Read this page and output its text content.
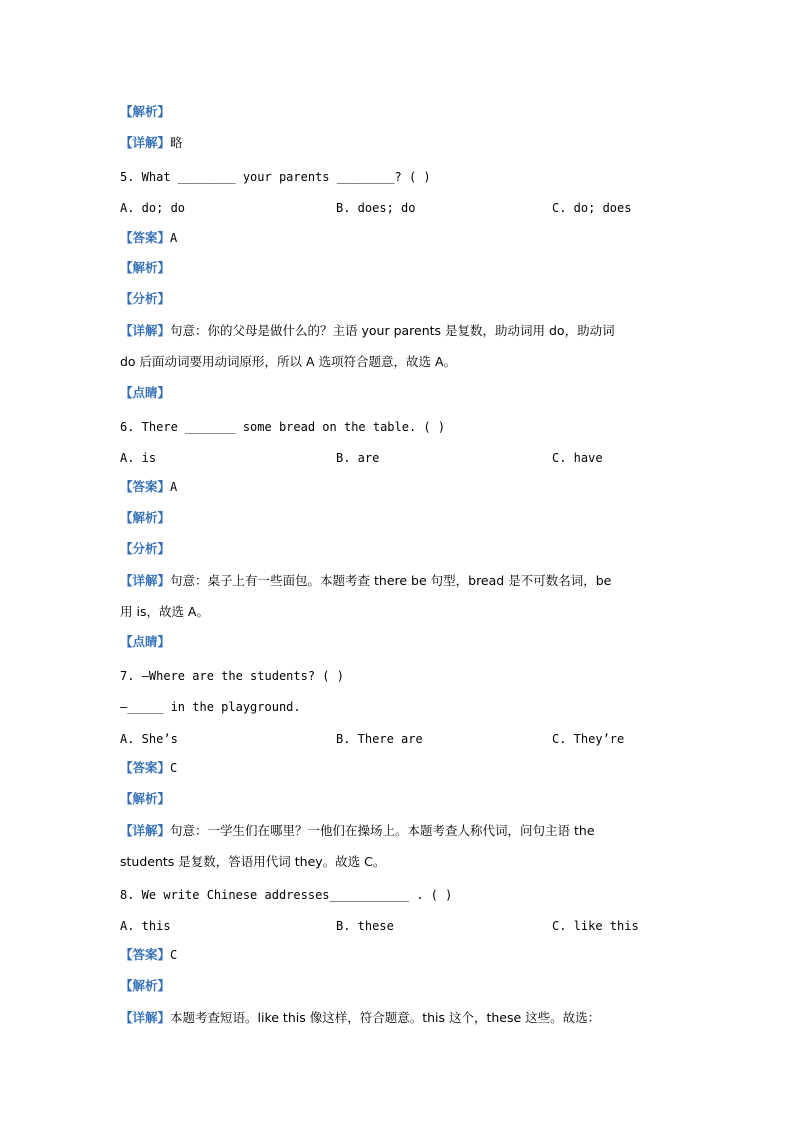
【解析】
【详解】略
5. What ________ your parents ________? ( )
A. do; do	B. does; do	C. do; does
【答案】A
【解析】
【分析】
【详解】句意：你的父母是做什么的？主语 your parents 是复数，助动词用 do，助动词
do 后面动词要用动词原形，所以 A 选项符合题意，故选 A。
【点睛】
6. There _______ some bread on the table. ( )
A. is	B. are	C. have
【答案】A
【解析】
【分析】
【详解】句意：桌子上有一些面包。本题考查 there be 句型，bread 是不可数名词，be
用 is，故选 A。
【点睛】
7. —Where are the students? ( )
—_____ in the playground.
A. She’s	B. There are	C. They’re
【答案】C
【解析】
【详解】句意：一学生们在哪里？一他们在操场上。本题考查人称代词，问句主语 the
students 是复数，答语用代词 they。故选 C。
8. We write Chinese addresses___________ . ( )
A. this	B. these	C. like this
【答案】C
【解析】
【详解】本题考查短语。like this 像这样，符合题意。this 这个，these 这些。故选：
